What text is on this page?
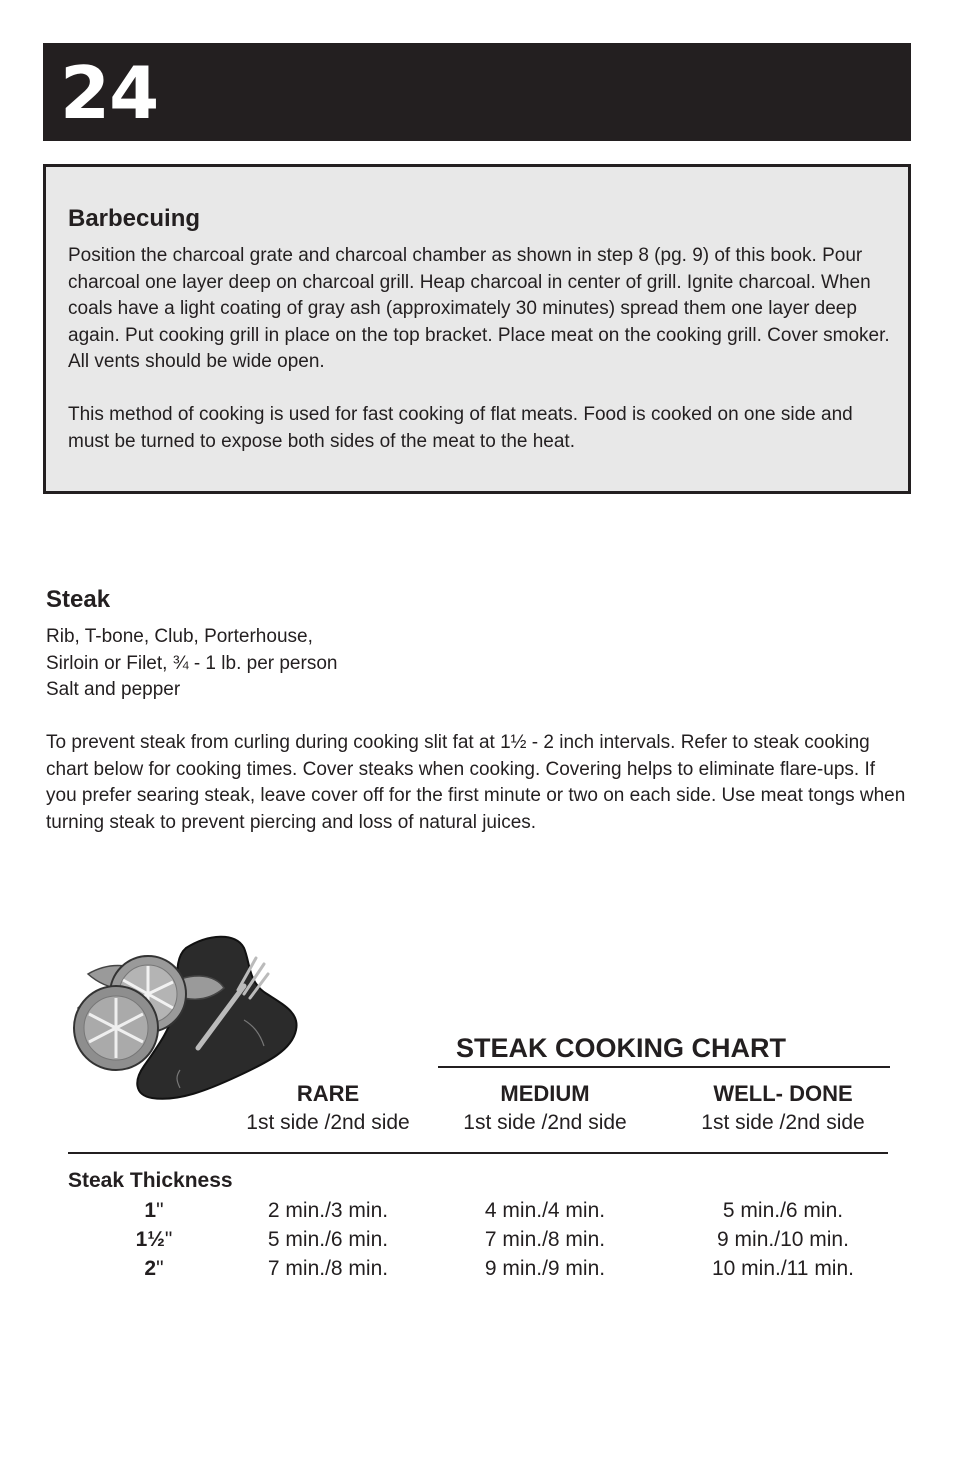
24
Barbecuing

Position the charcoal grate and charcoal chamber as shown in step 8 (pg. 9) of this book. Pour charcoal one layer deep on charcoal grill. Heap charcoal in center of grill. Ignite charcoal. When coals have a light coating of gray ash (approximately 30 minutes) spread them one layer deep again. Put cooking grill in place on the top bracket. Place meat on the cooking grill. Cover smoker. All vents should be wide open.

This method of cooking is used for fast cooking of flat meats. Food is cooked on one side and must be turned to expose both sides of the meat to the heat.

Steak
Rib, T-bone, Club, Porterhouse,
Sirloin or Filet, ¾ - 1 lb. per person
Salt and pepper

To prevent steak from curling during cooking slit fat at 1½ - 2 inch intervals. Refer to steak cooking chart below for cooking times. Cover steaks when cooking. Covering helps to eliminate flare-ups. If you prefer searing steak, leave cover off for the first minute or two on each side. Use meat tongs when turning steak to prevent piercing and loss of natural juices.

STEAK COOKING CHART
RARE
1st side /2nd side
MEDIUM
1st side /2nd side
WELL- DONE
1st side /2nd side
Steak Thickness
1"	2 min./3 min.	4 min./4 min.	5 min./6 min.
1½"	5 min./6 min.	7 min./8 min.	9 min./10 min.
2"	7 min./8 min.	9 min./9 min.	10 min./11 min.
